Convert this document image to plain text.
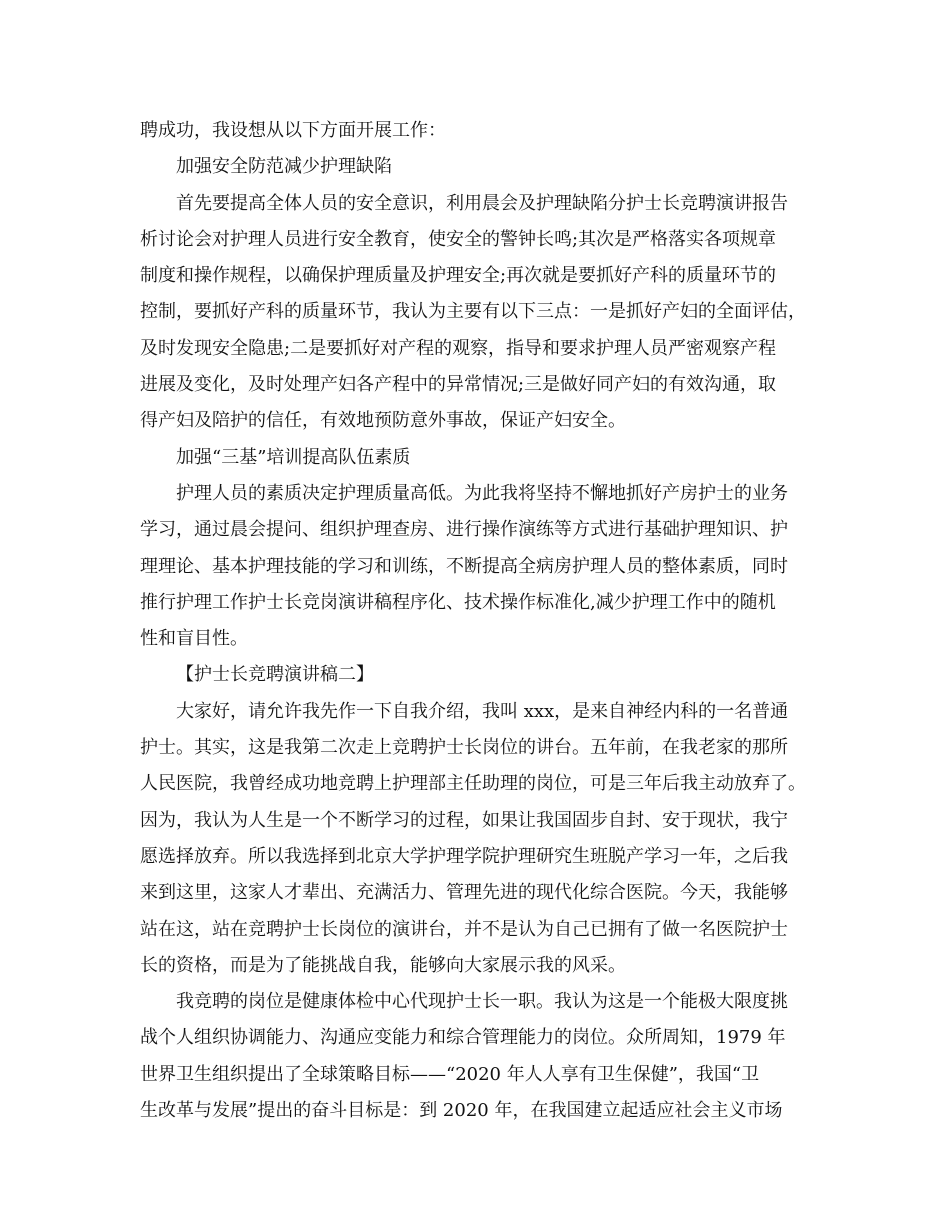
聘成功，我设想从以下方面开展工作：
加强安全防范减少护理缺陷
首先要提高全体人员的安全意识，利用晨会及护理缺陷分护士长竞聘演讲报告
析讨论会对护理人员进行安全教育，使安全的警钟长鸣;其次是严格落实各项规章
制度和操作规程，以确保护理质量及护理安全;再次就是要抓好产科的质量环节的
控制，要抓好产科的质量环节，我认为主要有以下三点：一是抓好产妇的全面评估，
及时发现安全隐患;二是要抓好对产程的观察，指导和要求护理人员严密观察产程
进展及变化，及时处理产妇各产程中的异常情况;三是做好同产妇的有效沟通，取
得产妇及陪护的信任，有效地预防意外事故，保证产妇安全。
加强“三基”培训提高队伍素质
护理人员的素质决定护理质量高低。为此我将坚持不懈地抓好产房护士的业务
学习，通过晨会提问、组织护理查房、进行操作演练等方式进行基础护理知识、护
理理论、基本护理技能的学习和训练，不断提高全病房护理人员的整体素质，同时
推行护理工作护士长竞岗演讲稿程序化、技术操作标准化,减少护理工作中的随机
性和盲目性。
【护士长竞聘演讲稿二】
大家好，请允许我先作一下自我介绍，我叫 xxx，是来自神经内科的一名普通
护士。其实，这是我第二次走上竞聘护士长岗位的讲台。五年前，在我老家的那所
人民医院，我曾经成功地竞聘上护理部主任助理的岗位，可是三年后我主动放弃了。
因为，我认为人生是一个不断学习的过程，如果让我国固步自封、安于现状，我宁
愿选择放弃。所以我选择到北京大学护理学院护理研究生班脱产学习一年，之后我
来到这里，这家人才辈出、充满活力、管理先进的现代化综合医院。今天，我能够
站在这，站在竞聘护士长岗位的演讲台，并不是认为自己已拥有了做一名医院护士
长的资格，而是为了能挑战自我，能够向大家展示我的风采。
我竞聘的岗位是健康体检中心代现护士长一职。我认为这是一个能极大限度挑
战个人组织协调能力、沟通应变能力和综合管理能力的岗位。众所周知，1979 年
世界卫生组织提出了全球策略目标——“2020 年人人享有卫生保健”，我国“卫
生改革与发展”提出的奋斗目标是：到 2020 年，在我国建立起适应社会主义市场
